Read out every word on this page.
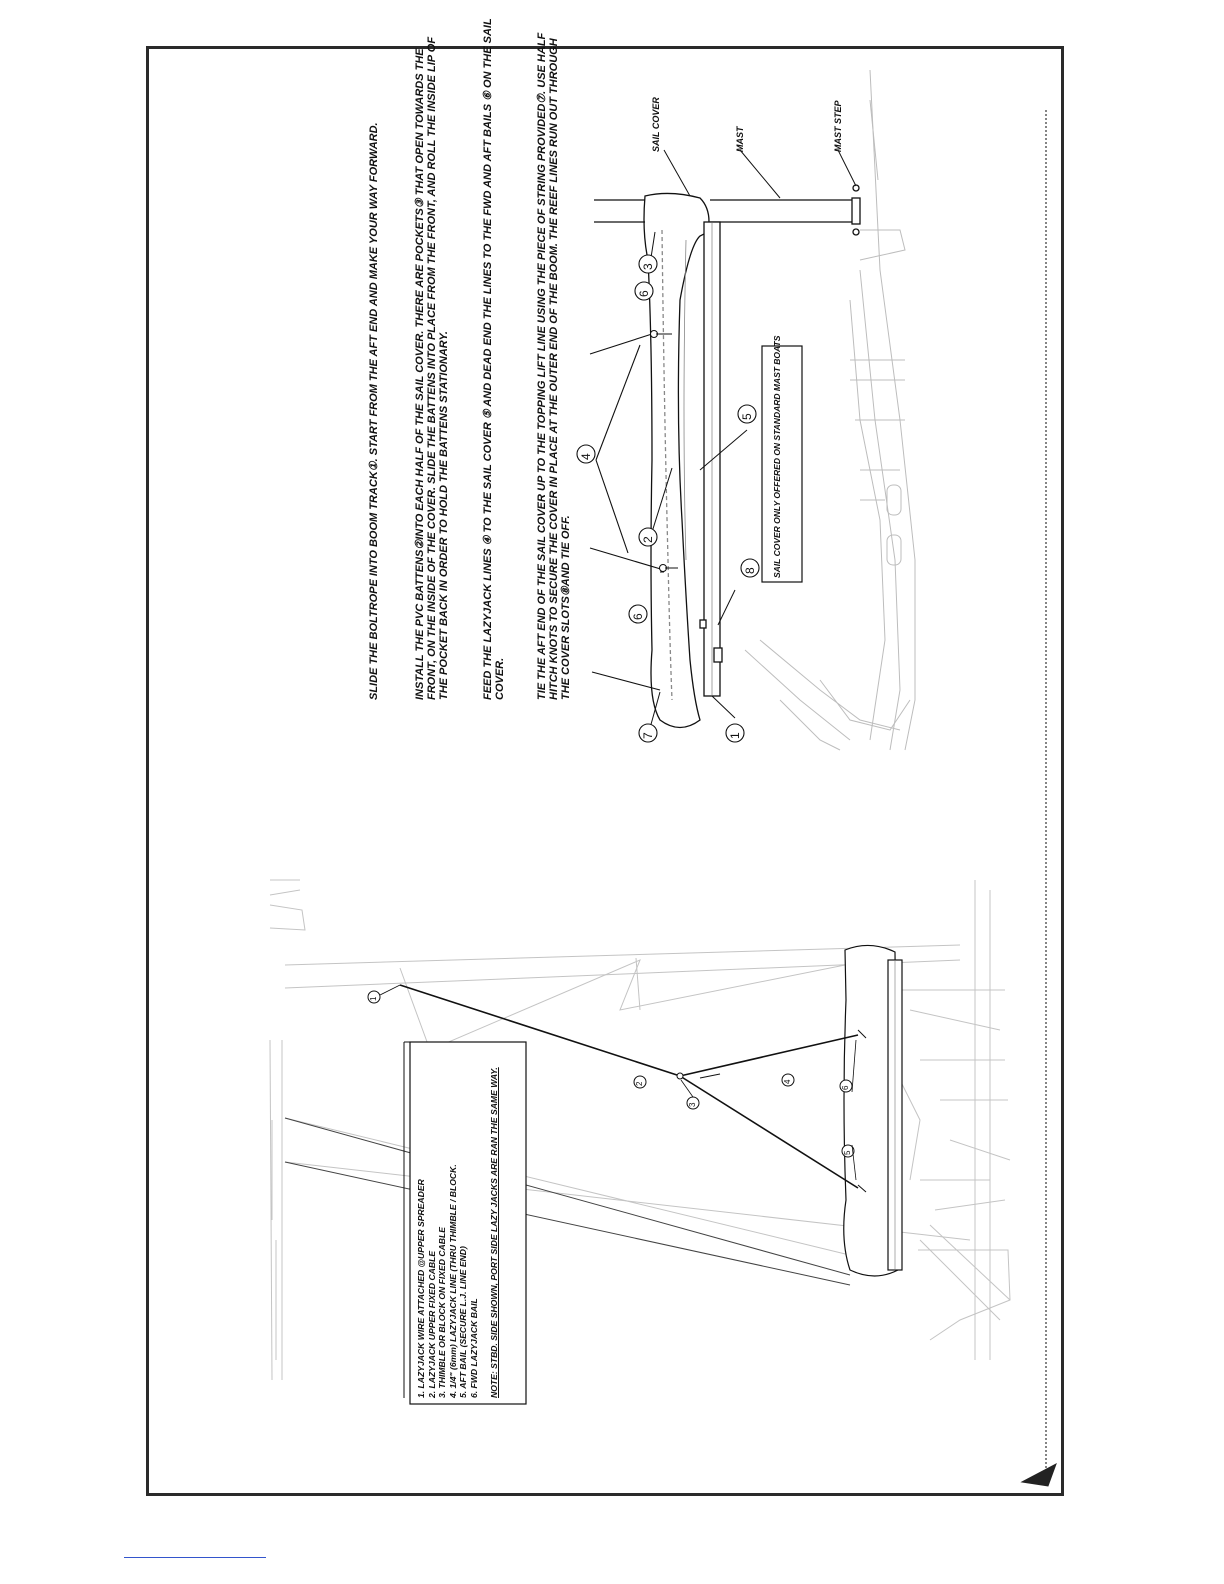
SLIDE THE BOLTROPE INTO BOOM TRACK①. START FROM THE AFT END AND MAKE YOUR WAY FORWARD.	INSTALL THE PVC BATTENS②INTO EACH HALF OF THE SAIL COVER. THERE ARE POCKETS③ THAT OPEN TOWARDS THE FRONT, ON THE INSIDE OF THE COVER. SLIDE THE BATTENS INTO PLACE FROM THE FRONT, AND ROLL THE INSIDE LIP OF THE POCKET BACK IN ORDER TO HOLD THE BATTENS STATIONARY.	FEED THE LAZYJACK LINES ④ TO THE SAIL COVER ⑤ AND DEAD END THE LINES TO THE FWD AND AFT BAILS ⑥ ON THE SAIL COVER.	TIE THE AFT END OF THE SAIL COVER UP TO THE TOPPING LIFT LINE USING THE PIECE OF STRING PROVIDED⑦. USE HALF HITCH KNOTS TO SECURE THE COVER IN PLACE AT THE OUTER END OF THE BOOM. THE REEF LINES RUN OUT THROUGH THE COVER SLOTS⑧AND TIE OFF.
SAIL COVER	MAST	MAST STEP
SAIL COVER ONLY OFFERED ON STANDARD MAST BOATS
1
2
3
4
5
6
6
7
8
1
2
3
4
5
6
1. LAZYJACK WIRE ATTACHED @UPPER SPREADER 2. LAZYJACK UPPER FIXED CABLE 3. THIMBLE OR BLOCK ON FIXED CABLE 4. 1/4" (6mm) LAZYJACK LINE (THRU THIMBLE / BLOCK. 5. AFT BAIL (SECURE L.J. LINE END) 6. FWD LAZYJACK BAIL NOTE: STBD. SIDE SHOWN, PORT SIDE LAZY JACKS ARE RAN THE SAME WAY.
